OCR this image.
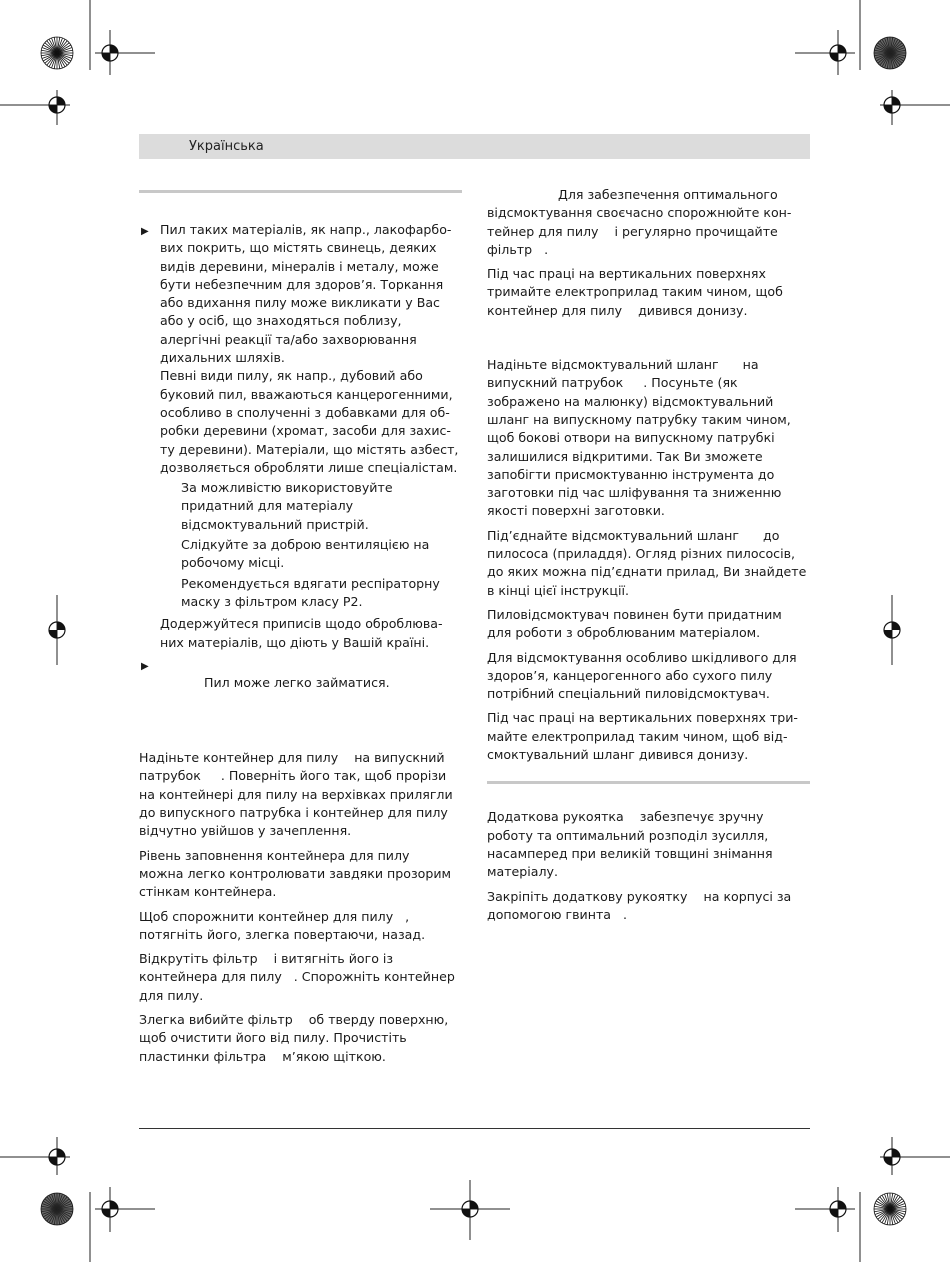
Українська
▶ Пил таких матеріалів, як напр., лакофарбо-
вих покрить, що містять свинець, деяких
видів деревини, мінералів і металу, може
бути небезпечним для здоров’я. Торкання
або вдихання пилу може викликати у Вас
або у осіб, що знаходяться поблизу,
алергічні реакції та/або захворювання
дихальних шляхів.
Певні види пилу, як напр., дубовий або
буковий пил, вважаються канцерогенними,
особливо в сполученні з добавками для об-
робки деревини (хромат, засоби для захис-
ту деревини). Матеріали, що містять азбест,
дозволяється обробляти лише спеціалістам.
За можливістю використовуйте
придатний для матеріалу
відсмоктувальний пристрій.
Слідкуйте за доброю вентиляцією на
робочому місці.
Рекомендується вдягати респіраторну
маску з фільтром класу P2.
Додержуйтеся приписів щодо оброблюва-
них матеріалів, що діють у Вашій країні.
▶
Пил може легко займатися.

Надіньте контейнер для пилу    на випускний
патрубок     . Поверніть його так, щоб прорізи
на контейнері для пилу на верхівках прилягли
до випускного патрубка і контейнер для пилу
відчутно увійшов у зачеплення.

Рівень заповнення контейнера для пилу
можна легко контролювати завдяки прозорим
стінкам контейнера.

Щоб спорожнити контейнер для пилу   ,
потягніть його, злегка повертаючи, назад.

Відкрутіть фільтр    і витягніть його із
контейнера для пилу   . Спорожніть контейнер
для пилу.

Злегка вибийте фільтр    об тверду поверхню,
щоб очистити його від пилу. Прочистіть
пластинки фільтра    м’якою щіткою.

Для забезпечення оптимального
відсмоктування своєчасно спорожнюйте кон-
тейнер для пилу    і регулярно прочищайте
фільтр   .

Під час праці на вертикальних поверхнях
тримайте електроприлад таким чином, щоб
контейнер для пилу    дивився донизу.

Надіньте відсмоктувальний шланг      на
випускний патрубок     . Посуньте (як
зображено на малюнку) відсмоктувальний
шланг на випускному патрубку таким чином,
щоб бокові отвори на випускному патрубкі
залишилися відкритими. Так Ви зможете
запобігти присмоктуванню інструмента до
заготовки під час шліфування та зниженню
якості поверхні заготовки.

Під’єднайте відсмоктувальний шланг      до
пилососа (приладдя). Огляд різних пилососів,
до яких можна під’єднати прилад, Ви знайдете
в кінці цієї інструкції.

Пиловідсмоктувач повинен бути придатним
для роботи з оброблюваним матеріалом.

Для відсмоктування особливо шкідливого для
здоров’я, канцерогенного або сухого пилу
потрібний спеціальний пиловідсмоктувач.

Під час праці на вертикальних поверхнях три-
майте електроприлад таким чином, щоб від-
смоктувальний шланг дивився донизу.

Додаткова рукоятка    забезпечує зручну
роботу та оптимальний розподіл зусилля,
насамперед при великій товщині знімання
матеріалу.

Закріпіть додаткову рукоятку    на корпусі за
допомогою гвинта   .
